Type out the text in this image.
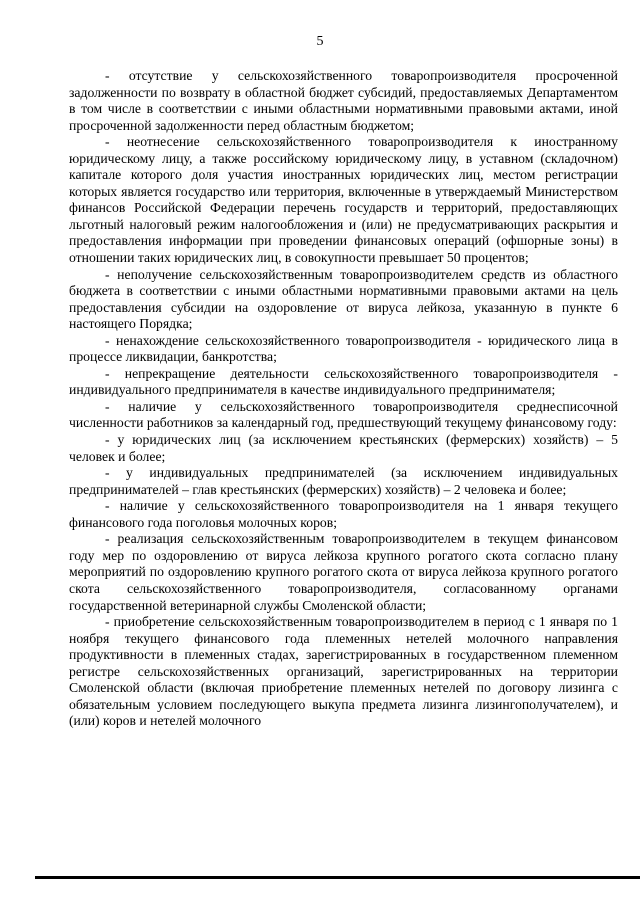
5

- отсутствие у сельскохозяйственного товаропроизводителя просроченной задолженности по возврату в областной бюджет субсидий, предоставляемых Департаментом в том числе в соответствии с иными областными нормативными правовыми актами, иной просроченной задолженности перед областным бюджетом;

- неотнесение сельскохозяйственного товаропроизводителя к иностранному юридическому лицу, а также российскому юридическому лицу, в уставном (складочном) капитале которого доля участия иностранных юридических лиц, местом регистрации которых является государство или территория, включенные в утверждаемый Министерством финансов Российской Федерации перечень государств и территорий, предоставляющих льготный налоговый режим налогообложения и (или) не предусматривающих раскрытия и предоставления информации при проведении финансовых операций (офшорные зоны) в отношении таких юридических лиц, в совокупности превышает 50 процентов;

- неполучение сельскохозяйственным товаропроизводителем средств из областного бюджета в соответствии с иными областными нормативными правовыми актами на цель предоставления субсидии на оздоровление от вируса лейкоза, указанную в пункте 6 настоящего Порядка;

- ненахождение сельскохозяйственного товаропроизводителя - юридического лица в процессе ликвидации, банкротства;

- непрекращение деятельности сельскохозяйственного товаропроизводителя - индивидуального предпринимателя в качестве индивидуального предпринимателя;

- наличие у сельскохозяйственного товаропроизводителя среднесписочной численности работников за календарный год, предшествующий текущему финансовому году:

- у юридических лиц (за исключением крестьянских (фермерских) хозяйств) – 5 человек и более;

- у индивидуальных предпринимателей (за исключением индивидуальных предпринимателей – глав крестьянских (фермерских) хозяйств) – 2 человека и более;

- наличие у сельскохозяйственного товаропроизводителя на 1 января текущего финансового года поголовья молочных коров;

- реализация сельскохозяйственным товаропроизводителем в текущем финансовом году мер по оздоровлению от вируса лейкоза крупного рогатого скота согласно плану мероприятий по оздоровлению крупного рогатого скота от вируса лейкоза крупного рогатого скота сельскохозяйственного товаропроизводителя, согласованному органами государственной ветеринарной службы Смоленской области;

- приобретение сельскохозяйственным товаропроизводителем в период с 1 января по 1 ноября текущего финансового года племенных нетелей молочного направления продуктивности в племенных стадах, зарегистрированных в государственном племенном регистре сельскохозяйственных организаций, зарегистрированных на территории Смоленской области (включая приобретение племенных нетелей по договору лизинга с обязательным условием последующего выкупа предмета лизинга лизингополучателем), и (или) коров и нетелей молочного
